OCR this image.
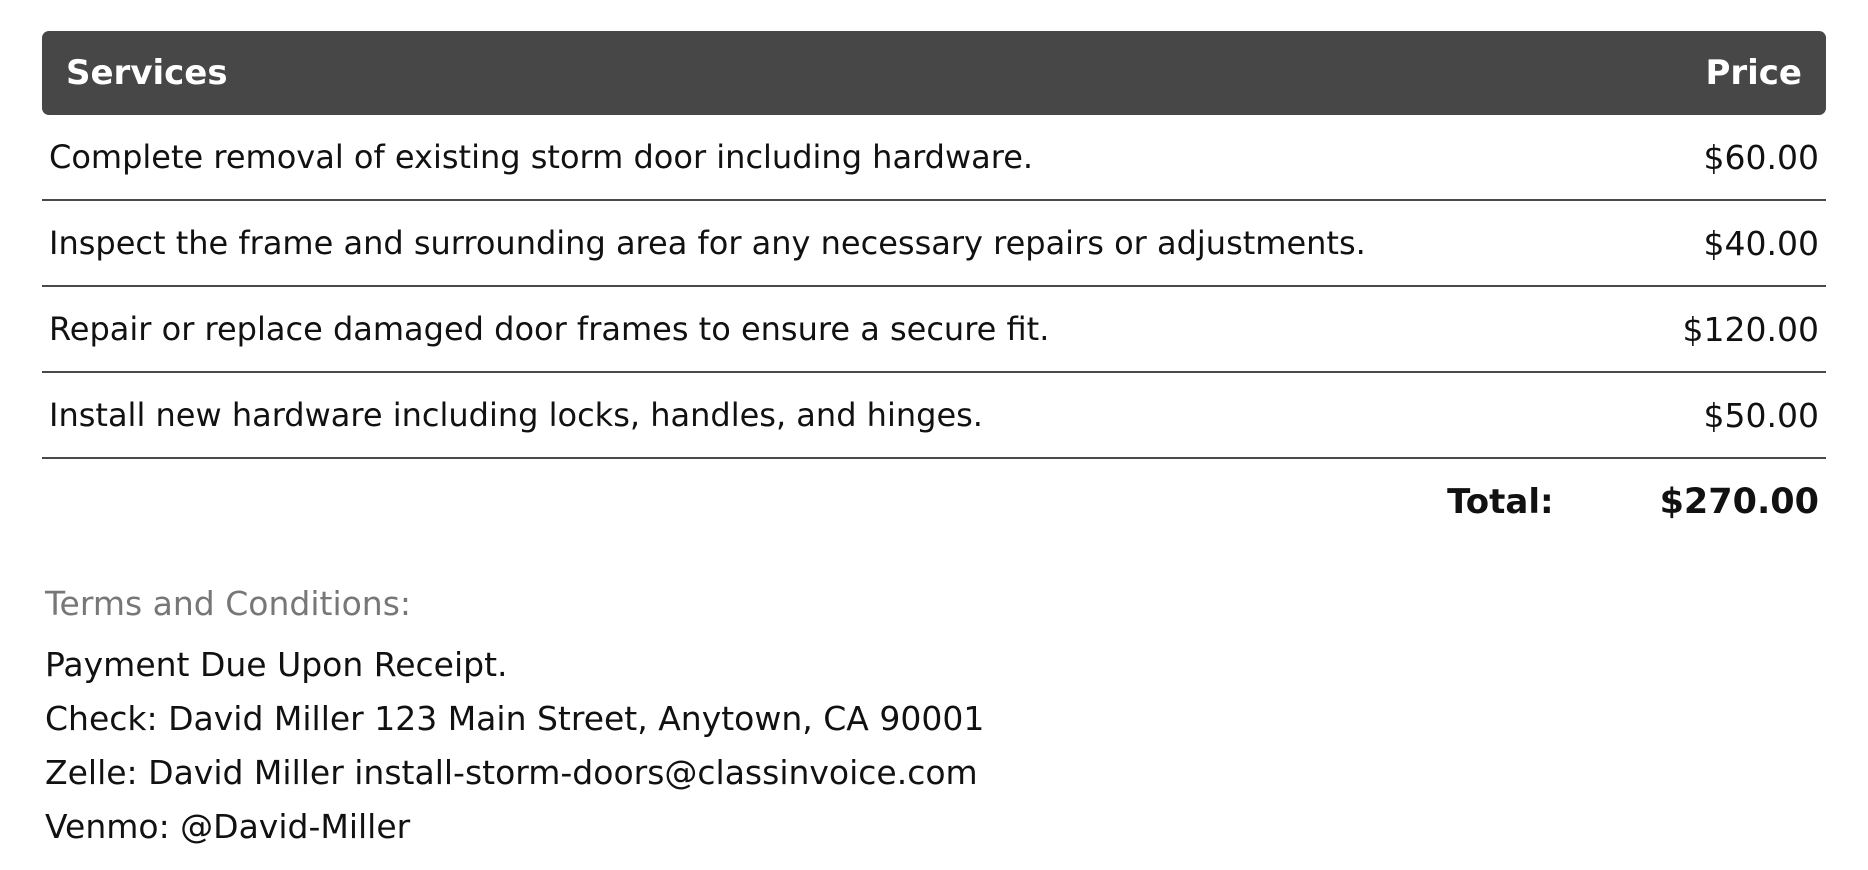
Services	Price
Complete removal of existing storm door including hardware.	$60.00
Inspect the frame and surrounding area for any necessary repairs or adjustments.	$40.00
Repair or replace damaged door frames to ensure a secure fit.	$120.00
Install new hardware including locks, handles, and hinges.	$50.00
Total:	$270.00
Terms and Conditions:
Payment Due Upon Receipt.
Check: David Miller 123 Main Street, Anytown, CA 90001
Zelle: David Miller install-storm-doors@classinvoice.com
Venmo: @David-Miller
